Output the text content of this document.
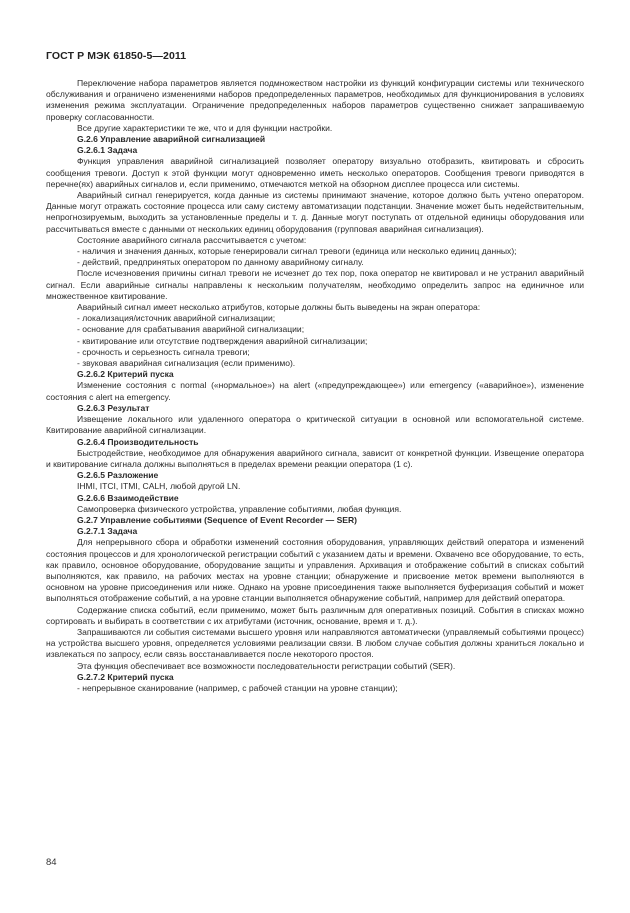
ГОСТ Р МЭК 61850-5—2011

Переключение набора параметров является подмножеством настройки из функций конфигурации системы или технического обслуживания и ограничено изменениями наборов предопределенных параметров, необходимых для функционирования в условиях изменения режима эксплуатации. Ограничение предопределенных наборов параметров существенно снижает запрашиваемую проверку согласованности.

Все другие характеристики те же, что и для функции настройки.

G.2.6 Управление аварийной сигнализацией

G.2.6.1 Задача

Функция управления аварийной сигнализацией позволяет оператору визуально отобразить, квитировать и сбросить сообщения тревоги. Доступ к этой функции могут одновременно иметь несколько операторов. Сообщения тревоги приводятся в перечне(ях) аварийных сигналов и, если применимо, отмечаются меткой на обзорном дисплее процесса или системы.

Аварийный сигнал генерируется, когда данные из системы принимают значение, которое должно быть учтено оператором. Данные могут отражать состояние процесса или саму систему автоматизации подстанции. Значение может быть недействительным, непрогнозируемым, выходить за установленные пределы и т. д. Данные могут поступать от отдельной единицы оборудования или рассчитываться вместе с данными от нескольких единиц оборудования (групповая аварийная сигнализация).

Состояние аварийного сигнала рассчитывается с учетом:

- наличия и значения данных, которые генерировали сигнал тревоги (единица или несколько единиц данных);

- действий, предпринятых оператором по данному аварийному сигналу.

После исчезновения причины сигнал тревоги не исчезнет до тех пор, пока оператор не квитировал и не устранил аварийный сигнал. Если аварийные сигналы направлены к нескольким получателям, необходимо определить запрос на единичное или множественное квитирование.

Аварийный сигнал имеет несколько атрибутов, которые должны быть выведены на экран оператора:

- локализация/источник аварийной сигнализации;

- основание для срабатывания аварийной сигнализации;

- квитирование или отсутствие подтверждения аварийной сигнализации;

- срочность и серьезность сигнала тревоги;

- звуковая аварийная сигнализация (если применимо).

G.2.6.2 Критерий пуска

Изменение состояния с normal («нормальное») на alert («предупреждающее») или emergency («аварийное»), изменение состояния с alert на emergency.

G.2.6.3 Результат

Извещение локального или удаленного оператора о критической ситуации в основной или вспомогательной системе. Квитирование аварийной сигнализации.

G.2.6.4 Производительность

Быстродействие, необходимое для обнаружения аварийного сигнала, зависит от конкретной функции. Извещение оператора и квитирование сигнала должны выполняться в пределах времени реакции оператора (1 с).

G.2.6.5 Разложение

IHMI, ITCI, ITMI, CALH, любой другой LN.

G.2.6.6 Взаимодействие

Самопроверка физического устройства, управление событиями, любая функция.

G.2.7 Управление событиями (Sequence of Event Recorder — SER)

G.2.7.1 Задача

Для непрерывного сбора и обработки изменений состояния оборудования, управляющих действий оператора и изменений состояния процессов и для хронологической регистрации событий с указанием даты и времени. Охвачено все оборудование, то есть, как правило, основное оборудование, оборудование защиты и управления. Архивация и отображение событий в списках событий выполняются, как правило, на рабочих местах на уровне станции; обнаружение и присвоение меток времени выполняются в основном на уровне присоединения или ниже. Однако на уровне присоединения также выполняется буферизация событий и может выполняться отображение событий, а на уровне станции выполняется обнаружение событий, например для действий оператора.

Содержание списка событий, если применимо, может быть различным для оперативных позиций. События в списках можно сортировать и выбирать в соответствии с их атрибутами (источник, основание, время и т. д.).

Запрашиваются ли события системами высшего уровня или направляются автоматически (управляемый событиями процесс) на устройства высшего уровня, определяется условиями реализации связи. В любом случае события должны храниться локально и извлекаться по запросу, если связь восстанавливается после некоторого простоя.

Эта функция обеспечивает все возможности последовательности регистрации событий (SER).

G.2.7.2 Критерий пуска

- непрерывное сканирование (например, с рабочей станции на уровне станции);

84
